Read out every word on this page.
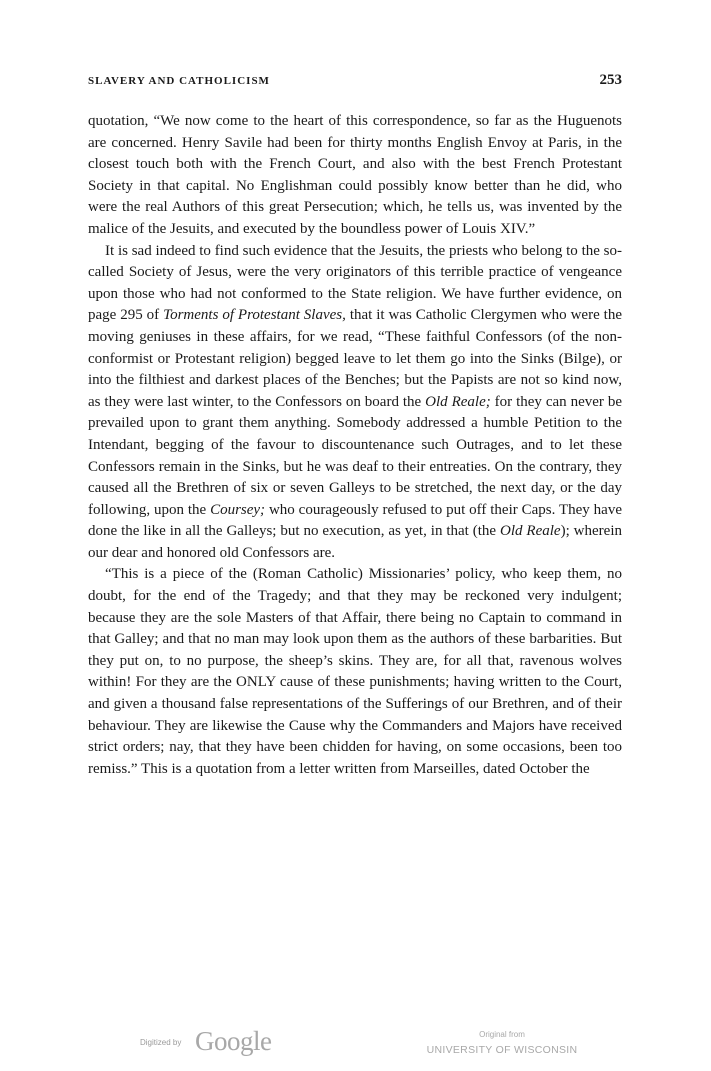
SLAVERY AND CATHOLICISM	253

quotation, “We now come to the heart of this correspondence, so far as the Huguenots are concerned. Henry Savile had been for thirty months English Envoy at Paris, in the closest touch both with the French Court, and also with the best French Protestant Society in that capital. No Englishman could possibly know better than he did, who were the real Authors of this great Persecution; which, he tells us, was invented by the malice of the Jesuits, and executed by the boundless power of Louis XIV.”

It is sad indeed to find such evidence that the Jesuits, the priests who belong to the so-called Society of Jesus, were the very originators of this terrible practice of vengeance upon those who had not conformed to the State religion. We have further evidence, on page 295 of Torments of Protestant Slaves, that it was Catholic Clergymen who were the moving geniuses in these affairs, for we read, “These faithful Confessors (of the non-conformist or Protestant religion) begged leave to let them go into the Sinks (Bilge), or into the filthiest and darkest places of the Benches; but the Papists are not so kind now, as they were last winter, to the Confessors on board the Old Reale; for they can never be prevailed upon to grant them anything. Somebody addressed a humble Petition to the Intendant, begging of the favour to discountenance such Outrages, and to let these Confessors remain in the Sinks, but he was deaf to their entreaties. On the contrary, they caused all the Brethren of six or seven Galleys to be stretched, the next day, or the day following, upon the Coursey; who courageously refused to put off their Caps. They have done the like in all the Galleys; but no execution, as yet, in that (the Old Reale); wherein our dear and honored old Confessors are.

“This is a piece of the (Roman Catholic) Missionaries’ policy, who keep them, no doubt, for the end of the Tragedy; and that they may be reckoned very indulgent; because they are the sole Masters of that Affair, there being no Captain to command in that Galley; and that no man may look upon them as the authors of these barbarities. But they put on, to no purpose, the sheep’s skins. They are, for all that, ravenous wolves within! For they are the ONLY cause of these punishments; having written to the Court, and given a thousand false representations of the Sufferings of our Brethren, and of their behaviour. They are likewise the Cause why the Commanders and Majors have received strict orders; nay, that they have been chidden for having, on some occasions, been too remiss.” This is a quotation from a letter written from Marseilles, dated October the

Digitized by Google	Original from
UNIVERSITY OF WISCONSIN
